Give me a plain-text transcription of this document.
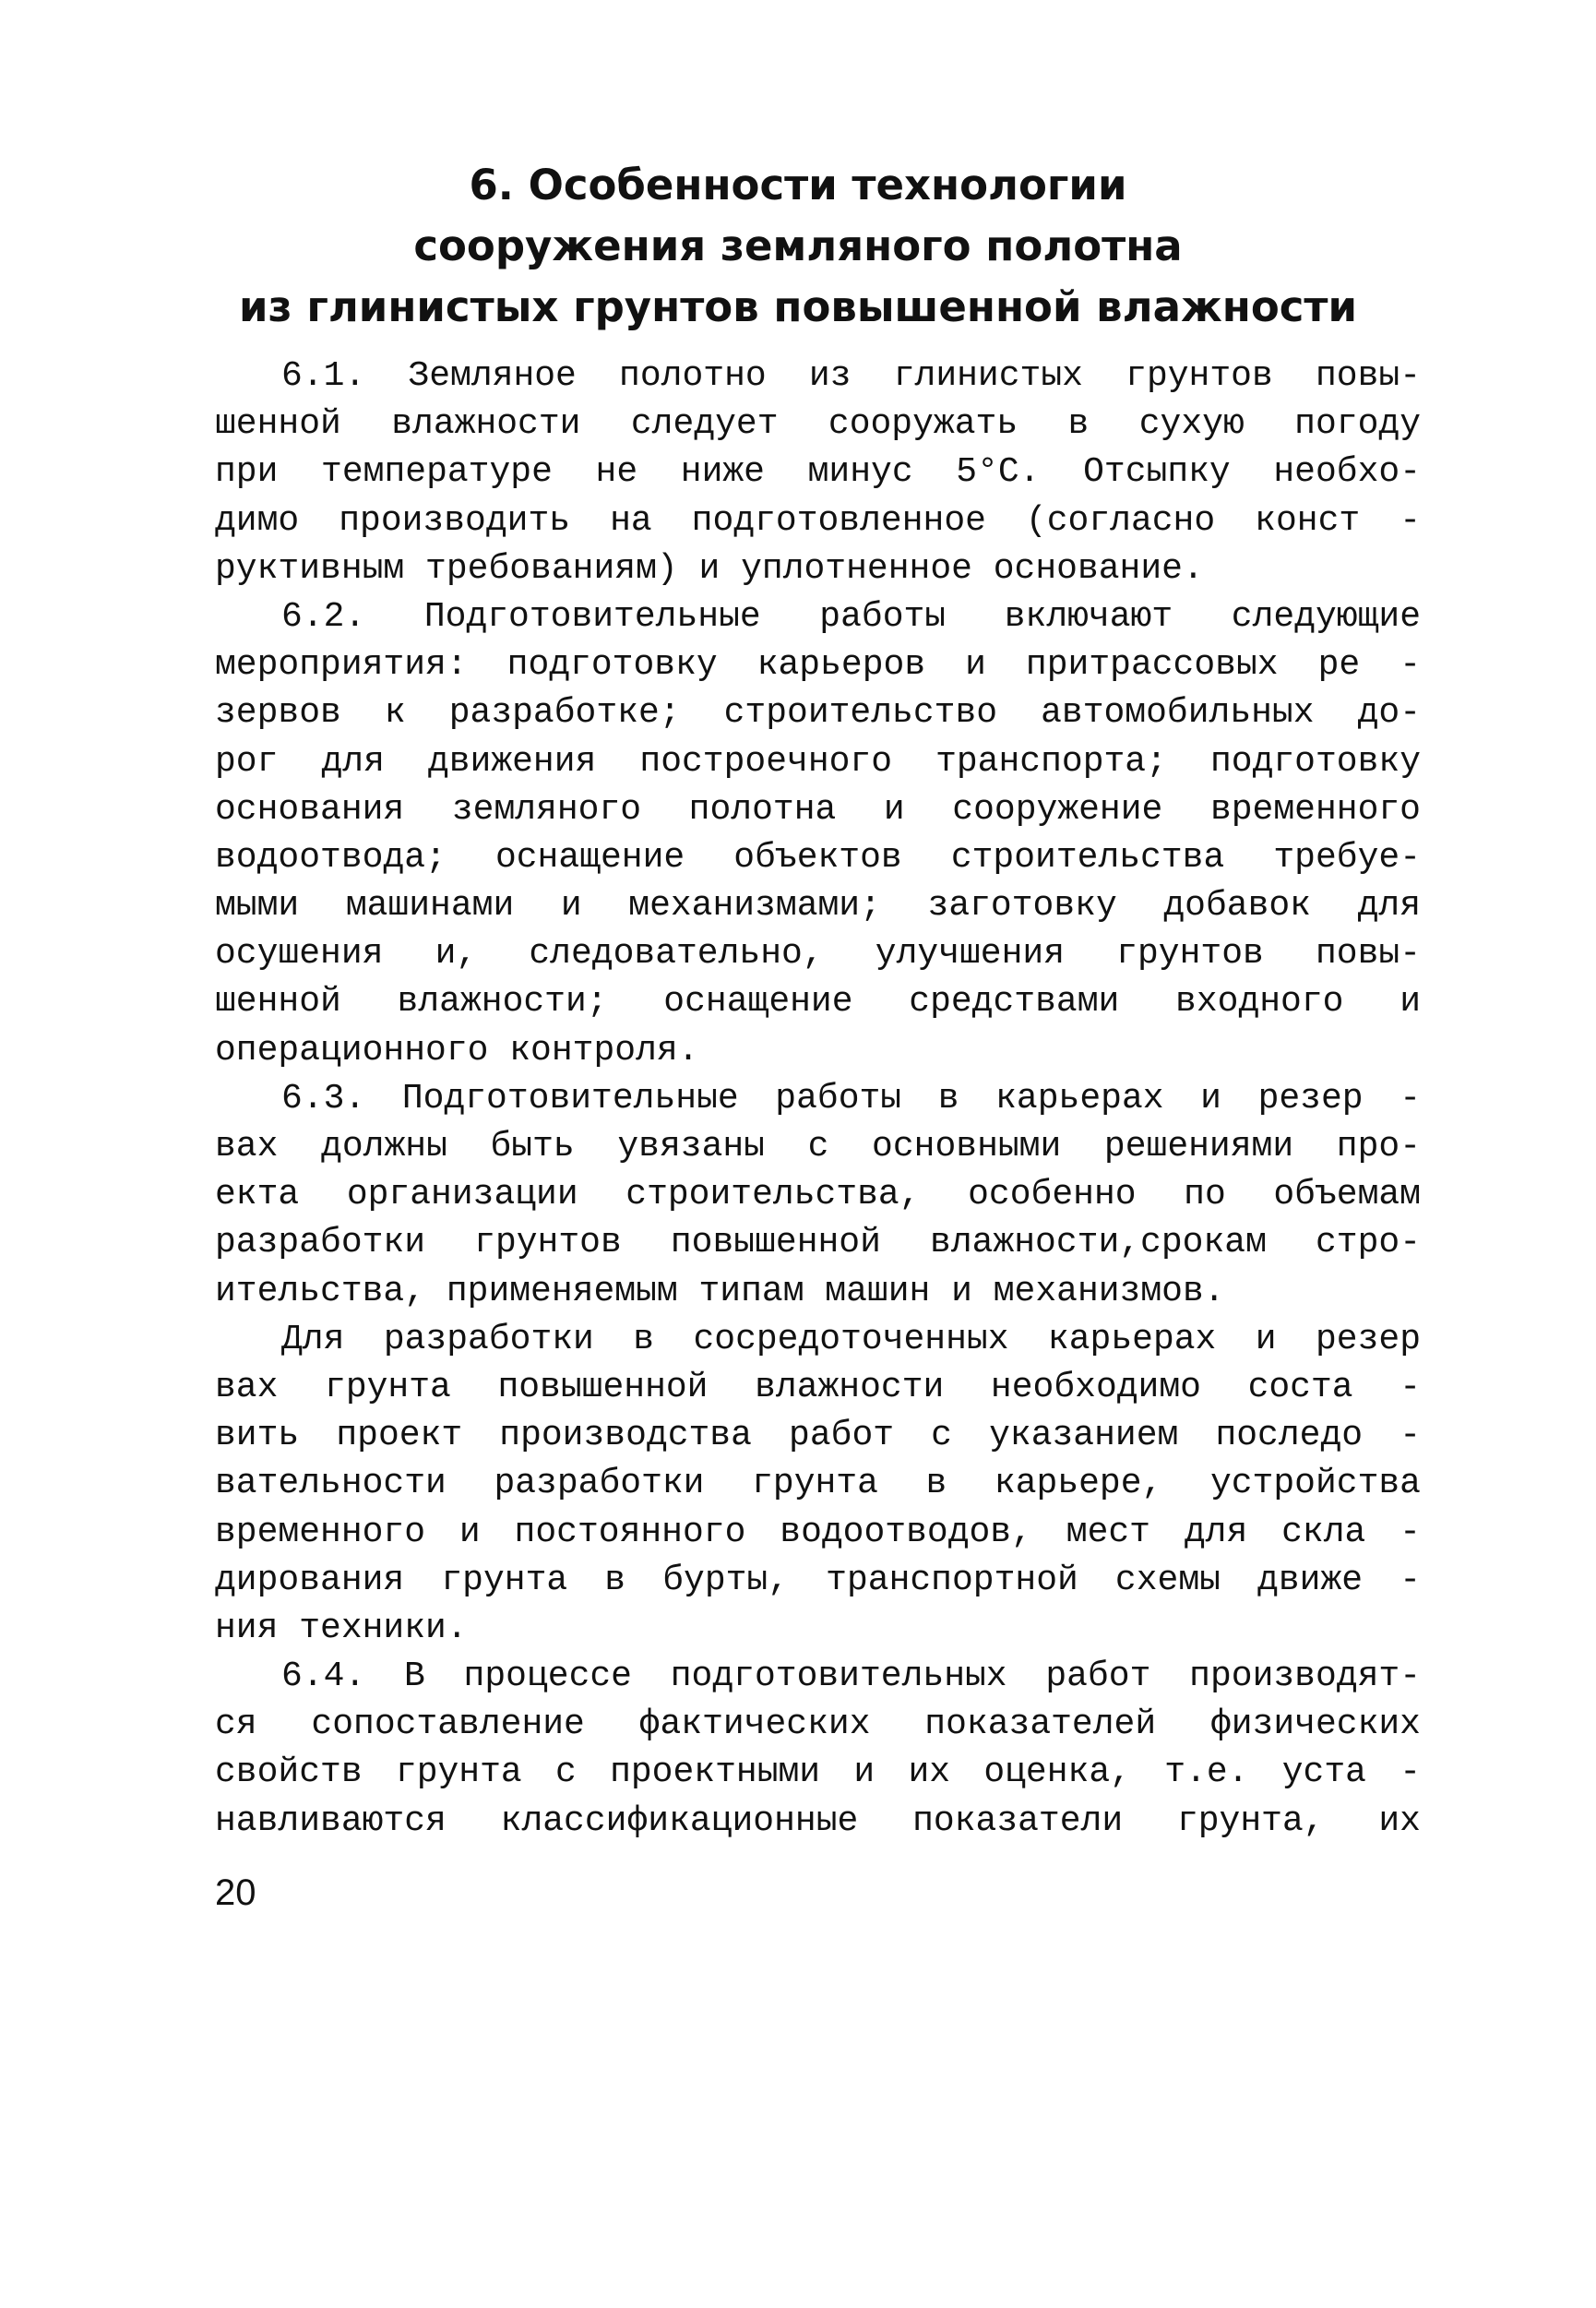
6. Особенности технологии
сооружения земляного полотна
из глинистых грунтов повышенной влажности
6.1. Земляное полотно из глинистых грунтов повы-
шенной влажности следует сооружать в сухую погоду
при температуре не ниже минус 5°С. Отсыпку необхо-
димо производить на подготовленное (согласно конст -
руктивным требованиям) и уплотненное основание.
6.2. Подготовительные работы включают следующие
мероприятия: подготовку карьеров и притрассовых ре -
зервов к разработке; строительство автомобильных до-
рог для движения построечного транспорта; подготовку
основания земляного полотна и сооружение временного
водоотвода; оснащение объектов строительства требуе-
мыми машинами и механизмами; заготовку добавок для
осушения и, следовательно, улучшения грунтов повы-
шенной влажности; оснащение средствами входного и
операционного контроля.
6.3. Подготовительные работы в карьерах и резер -
вах должны быть увязаны с основными решениями про-
екта организации строительства, особенно по объемам
разработки грунтов повышенной влажности,срокам стро-
ительства, применяемым типам машин и механизмов.
Для разработки в сосредоточенных карьерах и резер
вах грунта повышенной влажности необходимо соста -
вить проект производства работ с указанием последо -
вательности разработки грунта в карьере, устройства
временного и постоянного водоотводов, мест для скла -
дирования грунта в бурты, транспортной схемы движе -
ния техники.
6.4. В процессе подготовительных работ производят-
ся сопоставление фактических показателей физических
свойств грунта с проектными и их оценка, т.е. уста -
навливаются классификационные показатели грунта, их
20
